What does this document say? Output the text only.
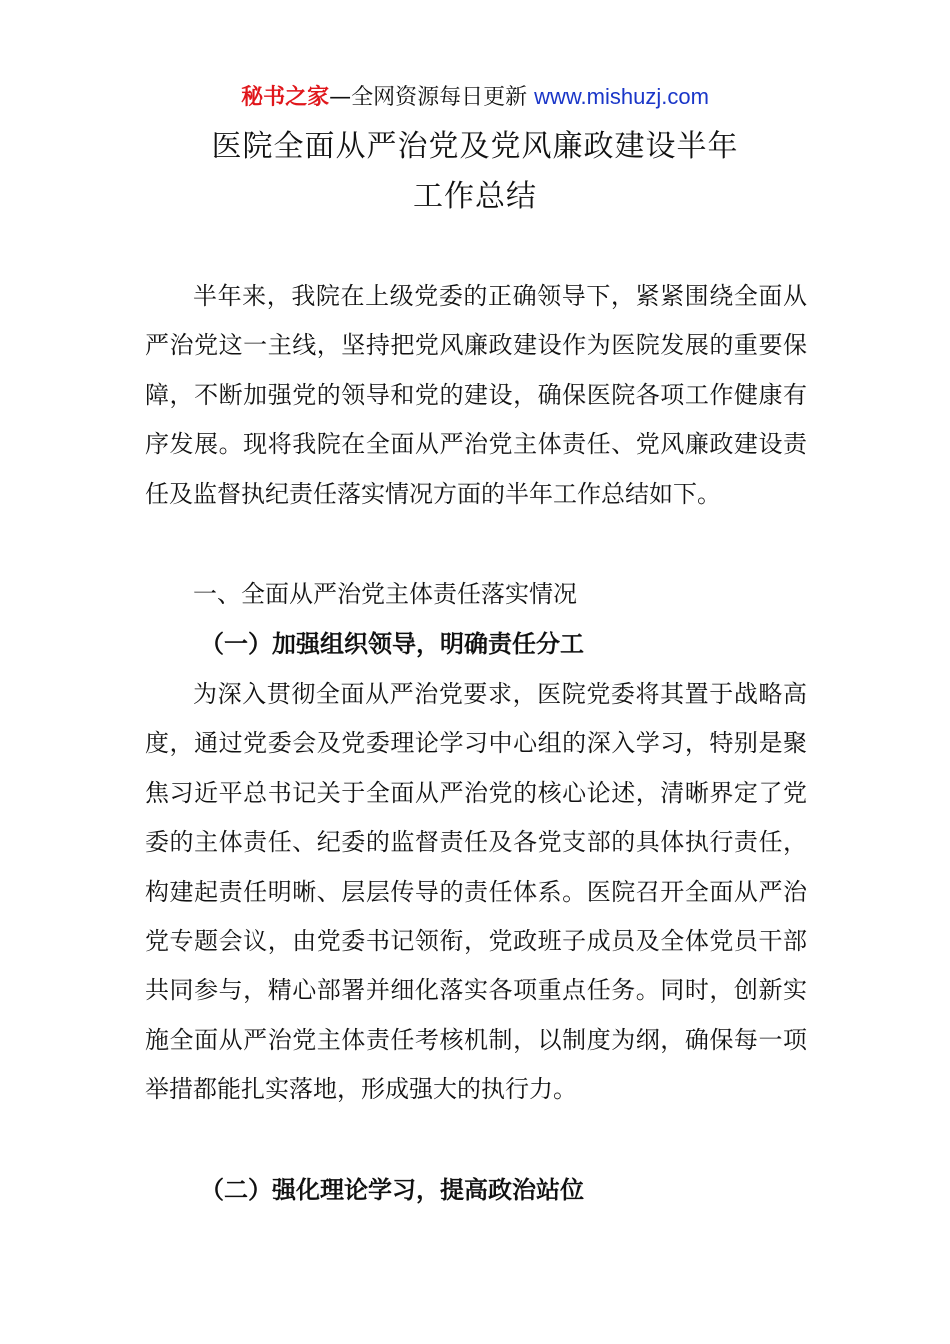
秘书之家—全网资源每日更新 www.mishuzj.com
医院全面从严治党及党风廉政建设半年
工作总结

半年来，我院在上级党委的正确领导下，紧紧围绕全面从严治党这一主线，坚持把党风廉政建设作为医院发展的重要保障，不断加强党的领导和党的建设，确保医院各项工作健康有序发展。现将我院在全面从严治党主体责任、党风廉政建设责任及监督执纪责任落实情况方面的半年工作总结如下。

一、全面从严治党主体责任落实情况
（一）加强组织领导，明确责任分工

为深入贯彻全面从严治党要求，医院党委将其置于战略高度，通过党委会及党委理论学习中心组的深入学习，特别是聚焦习近平总书记关于全面从严治党的核心论述，清晰界定了党委的主体责任、纪委的监督责任及各党支部的具体执行责任，构建起责任明晰、层层传导的责任体系。医院召开全面从严治党专题会议，由党委书记领衔，党政班子成员及全体党员干部共同参与，精心部署并细化落实各项重点任务。同时，创新实施全面从严治党主体责任考核机制，以制度为纲，确保每一项举措都能扎实落地，形成强大的执行力。

（二）强化理论学习，提高政治站位
